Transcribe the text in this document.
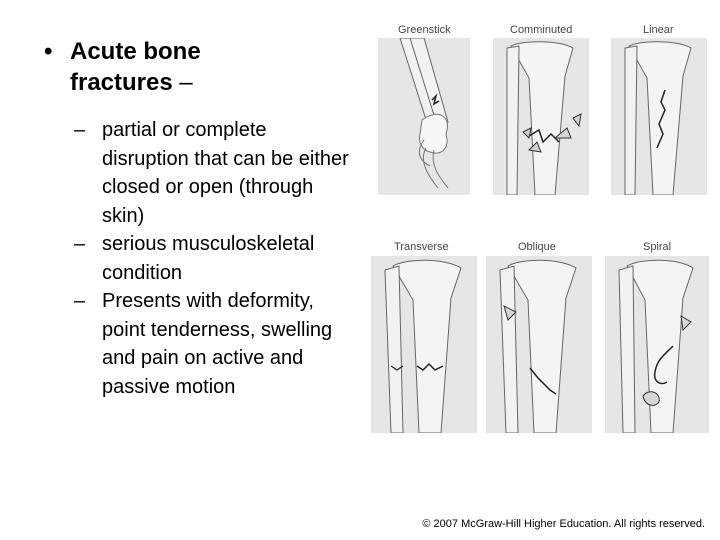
• Acute bone fractures –
– partial or complete disruption that can be either closed or open (through skin)
– serious musculoskeletal condition
– Presents with deformity, point tenderness, swelling and pain on active and passive motion
Greenstick	Comminuted	Linear
Transverse	Oblique	Spiral
© 2007 McGraw-Hill Higher Education. All rights reserved.
